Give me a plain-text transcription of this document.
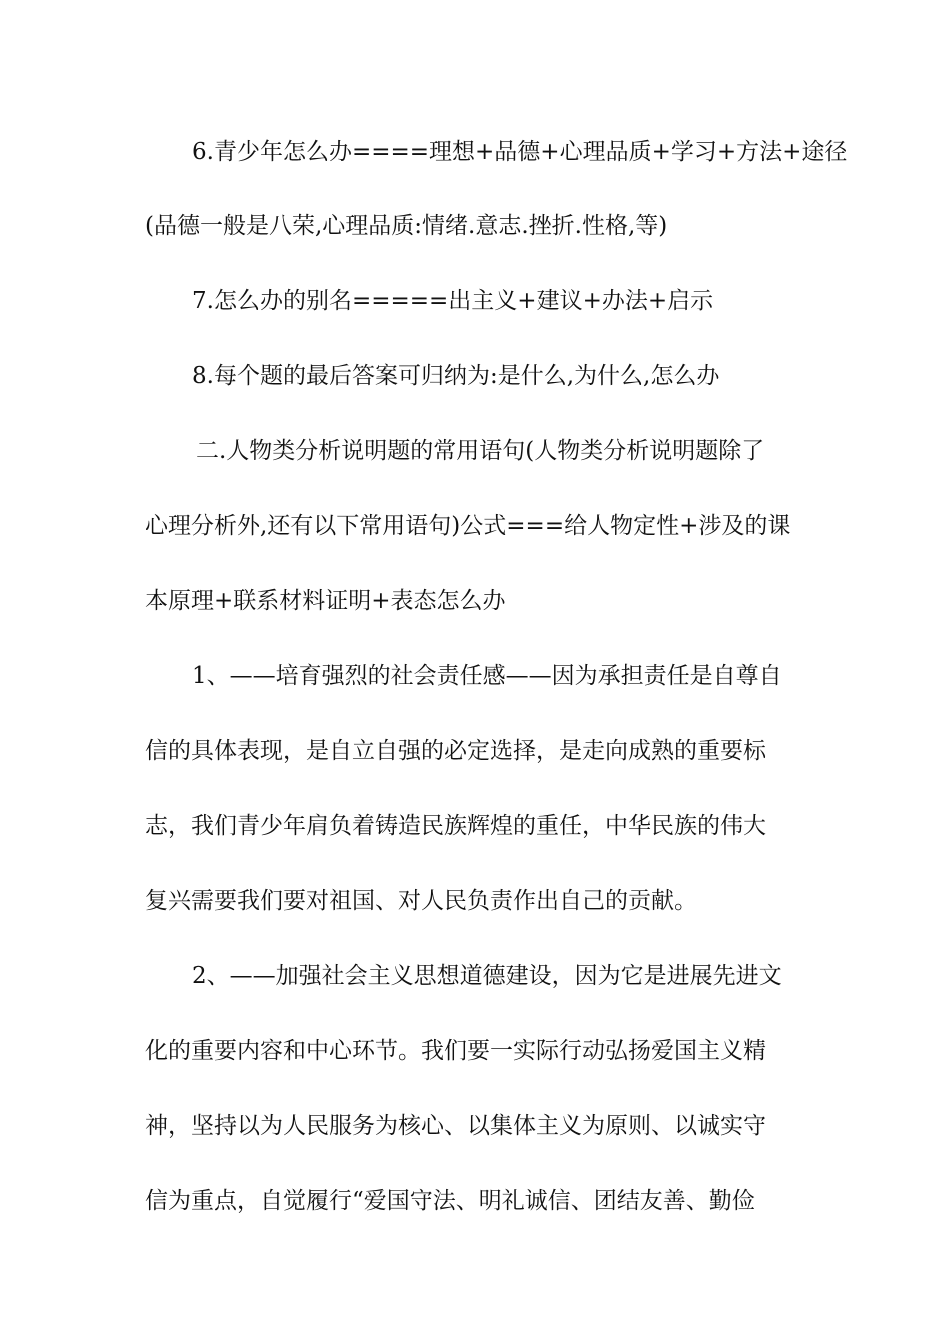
6.青少年怎么办====理想+品德+心理品质+学习+方法+途径

(品德一般是八荣,心理品质:情绪.意志.挫折.性格,等)

7.怎么办的别名=====出主义+建议+办法+启示

8.每个题的最后答案可归纳为:是什么,为什么,怎么办

二.人物类分析说明题的常用语句(人物类分析说明题除了

心理分析外,还有以下常用语句)公式===给人物定性+涉及的课

本原理+联系材料证明+表态怎么办

1、——培育强烈的社会责任感——因为承担责任是自尊自

信的具体表现，是自立自强的必定选择，是走向成熟的重要标

志，我们青少年肩负着铸造民族辉煌的重任，中华民族的伟大

复兴需要我们要对祖国、对人民负责作出自己的贡献。

2、——加强社会主义思想道德建设，因为它是进展先进文

化的重要内容和中心环节。我们要一实际行动弘扬爱国主义精

神，坚持以为人民服务为核心、以集体主义为原则、以诚实守

信为重点，自觉履行“爱国守法、明礼诚信、团结友善、勤俭
